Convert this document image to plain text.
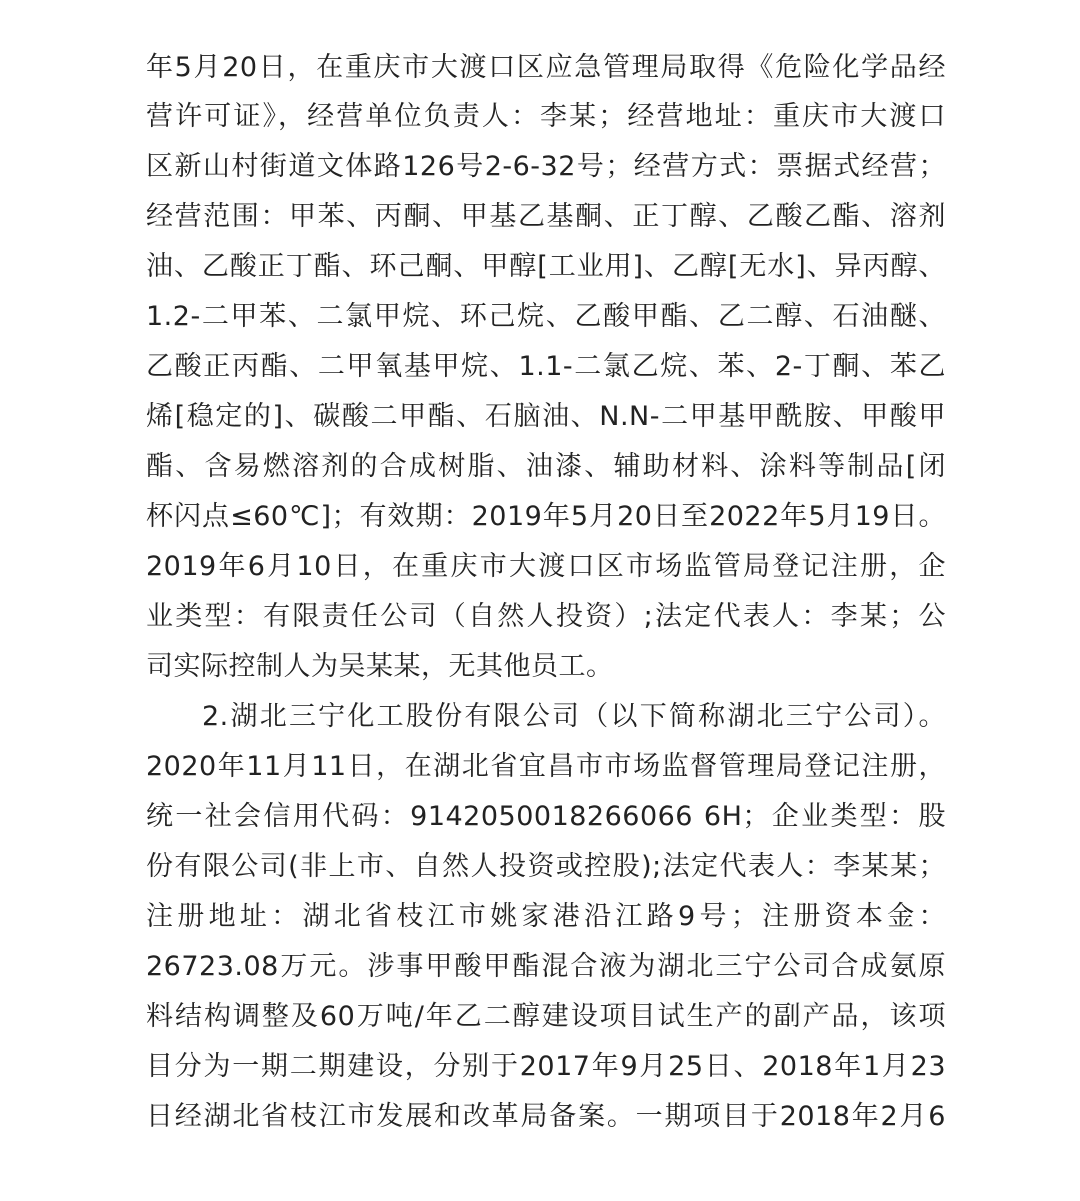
年5月20日，在重庆市大渡口区应急管理局取得《危险化学品经
营许可证》，经营单位负责人：李某；经营地址：重庆市大渡口
区新山村街道文体路126号2-6-32号；经营方式：票据式经营；
经营范围：甲苯、丙酮、甲基乙基酮、正丁醇、乙酸乙酯、溶剂
油、乙酸正丁酯、环己酮、甲醇[工业用]、乙醇[无水]、异丙醇、
1.2-二甲苯、二氯甲烷、环己烷、乙酸甲酯、乙二醇、石油醚、
乙酸正丙酯、二甲氧基甲烷、1.1-二氯乙烷、苯、2-丁酮、苯乙
烯[稳定的]、碳酸二甲酯、石脑油、N.N-二甲基甲酰胺、甲酸甲
酯、含易燃溶剂的合成树脂、油漆、辅助材料、涂料等制品[闭
杯闪点≤60℃]；有效期：2019年5月20日至2022年5月19日。
2019年6月10日，在重庆市大渡口区市场监管局登记注册，企
业类型：有限责任公司（自然人投资）;法定代表人：李某；公
司实际控制人为吴某某，无其他员工。
2.湖北三宁化工股份有限公司（以下简称湖北三宁公司）。
2020年11月11日，在湖北省宜昌市市场监督管理局登记注册，
统一社会信用代码：9142050018266066 6H；企业类型：股
份有限公司(非上市、自然人投资或控股);法定代表人：李某某；
注册地址：湖北省枝江市姚家港沿江路9号；注册资本金：
26723.08万元。涉事甲酸甲酯混合液为湖北三宁公司合成氨原
料结构调整及60万吨/年乙二醇建设项目试生产的副产品，该项
目分为一期二期建设，分别于2017年9月25日、2018年1月23
日经湖北省枝江市发展和改革局备案。一期项目于2018年2月6
